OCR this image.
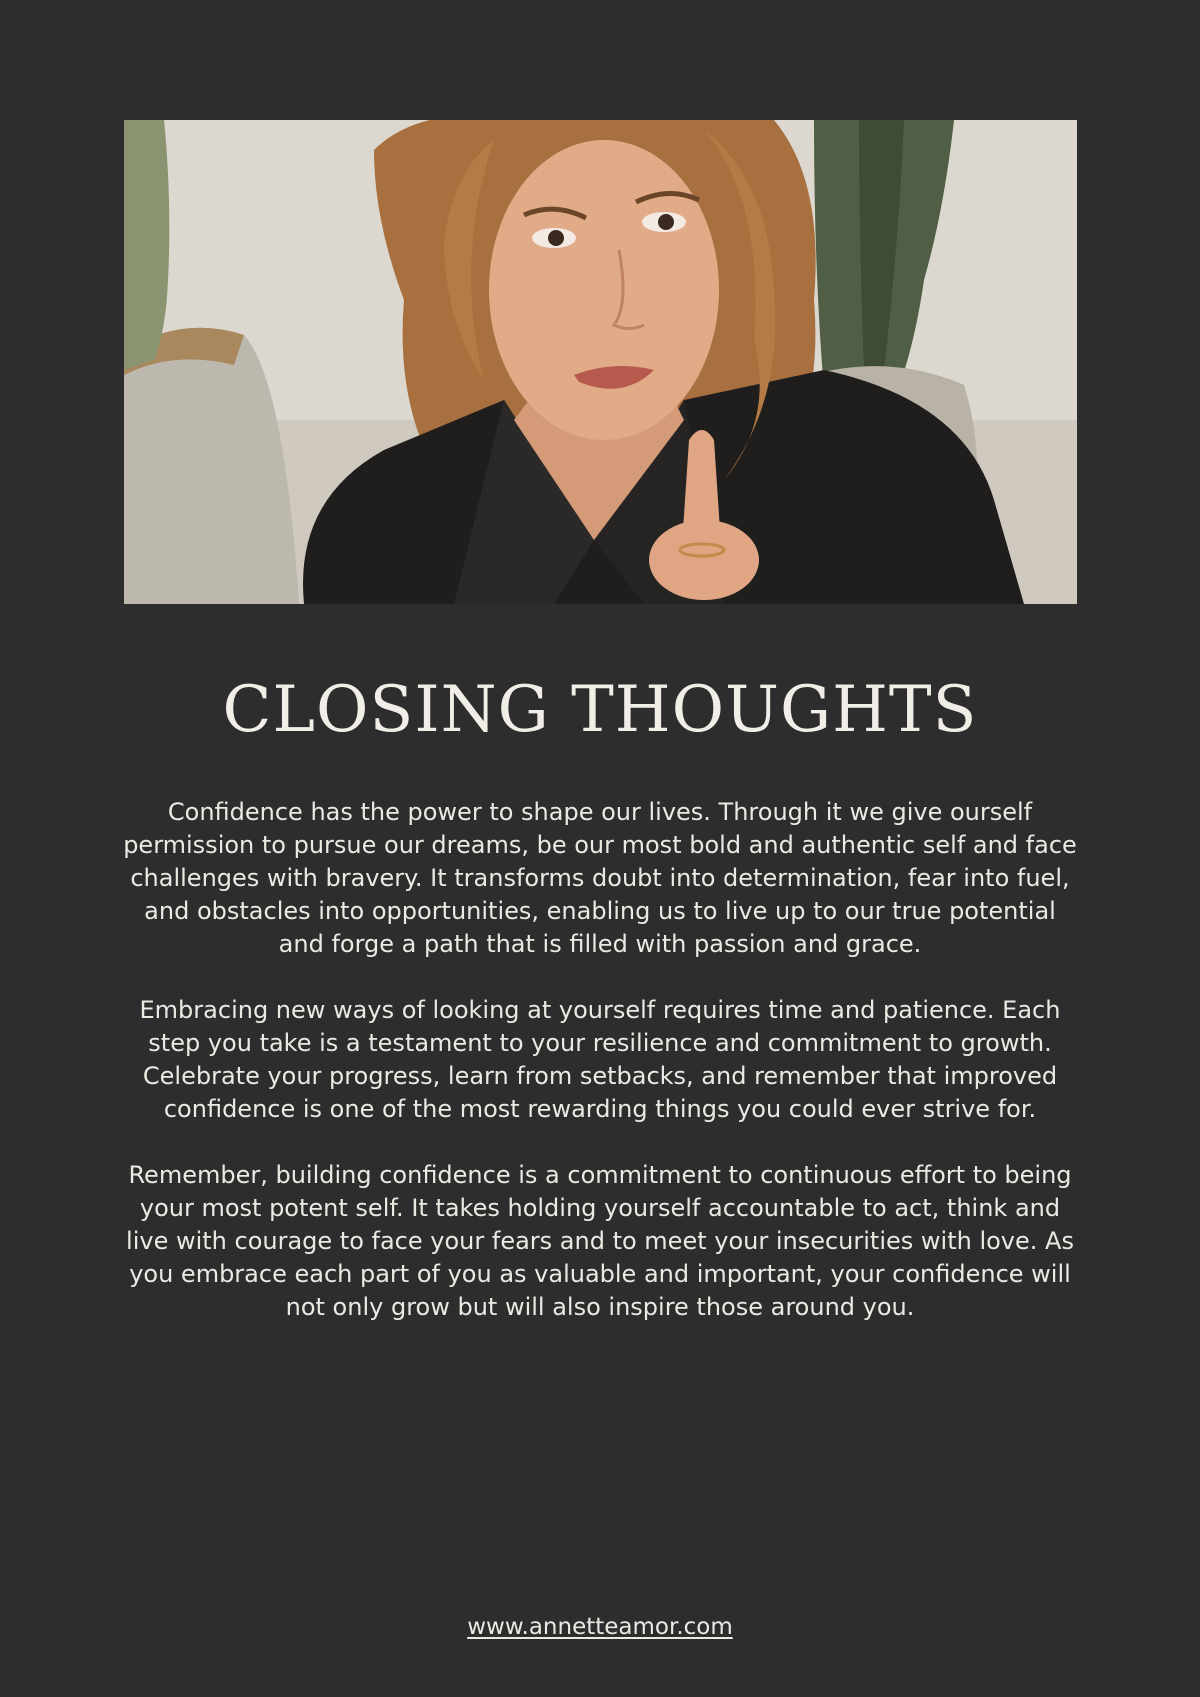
CLOSING THOUGHTS

Confidence has the power to shape our lives. Through it we give ourself permission to pursue our dreams, be our most bold and authentic self and face challenges with bravery. It transforms doubt into determination, fear into fuel, and obstacles into opportunities, enabling us to live up to our true potential and forge a path that is filled with passion and grace.

Embracing new ways of looking at yourself requires time and patience. Each step you take is a testament to your resilience and commitment to growth. Celebrate your progress, learn from setbacks, and remember that improved confidence is one of the most rewarding things you could ever strive for.

Remember, building confidence is a commitment to continuous effort to being your most potent self. It takes holding yourself accountable to act, think and live with courage to face your fears and to meet your insecurities with love. As you embrace each part of you as valuable and important, your confidence will not only grow but will also inspire those around you.

www.annetteamor.com
